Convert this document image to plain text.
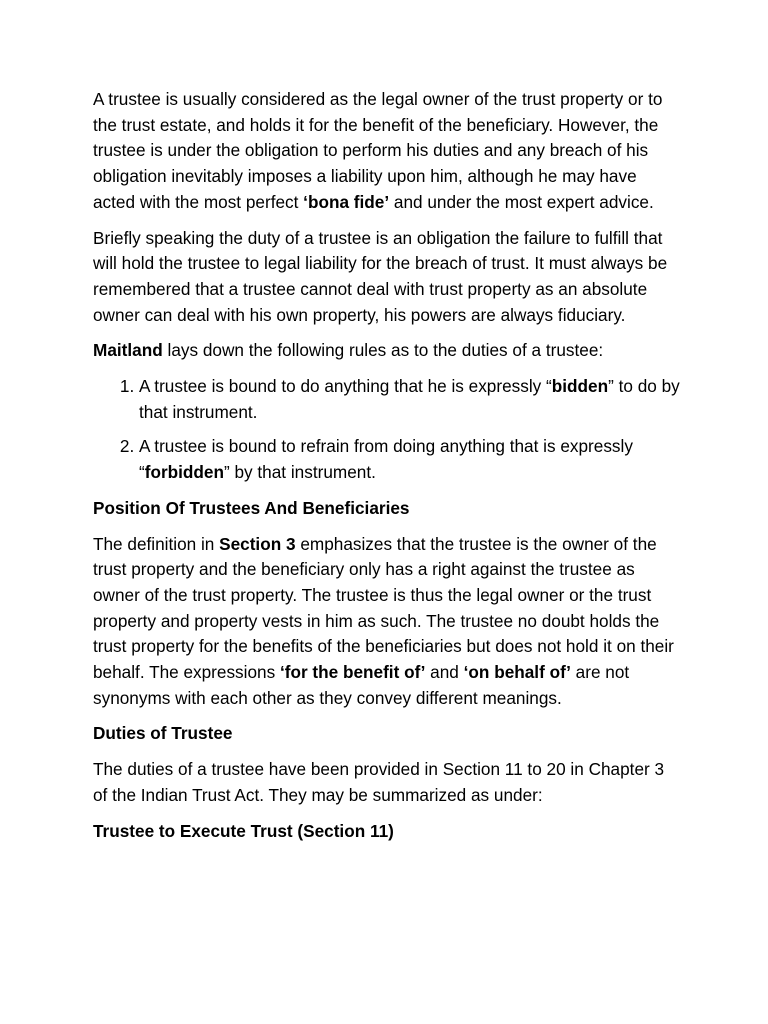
A trustee is usually considered as the legal owner of the trust property or to the trust estate, and holds it for the benefit of the beneficiary. However, the trustee is under the obligation to perform his duties and any breach of his obligation inevitably imposes a liability upon him, although he may have acted with the most perfect ‘bona fide’ and under the most expert advice.

Briefly speaking the duty of a trustee is an obligation the failure to fulfill that will hold the trustee to legal liability for the breach of trust. It must always be remembered that a trustee cannot deal with trust property as an absolute owner can deal with his own property, his powers are always fiduciary.

Maitland lays down the following rules as to the duties of a trustee:

1. A trustee is bound to do anything that he is expressly “bidden” to do by that instrument.
2. A trustee is bound to refrain from doing anything that is expressly “forbidden” by that instrument.

Position Of Trustees And Beneficiaries

The definition in Section 3 emphasizes that the trustee is the owner of the trust property and the beneficiary only has a right against the trustee as owner of the trust property. The trustee is thus the legal owner or the trust property and property vests in him as such. The trustee no doubt holds the trust property for the benefits of the beneficiaries but does not hold it on their behalf. The expressions ‘for the benefit of’ and ‘on behalf of’ are not synonyms with each other as they convey different meanings.

Duties of Trustee

The duties of a trustee have been provided in Section 11 to 20 in Chapter 3 of the Indian Trust Act. They may be summarized as under:

Trustee to Execute Trust (Section 11)
